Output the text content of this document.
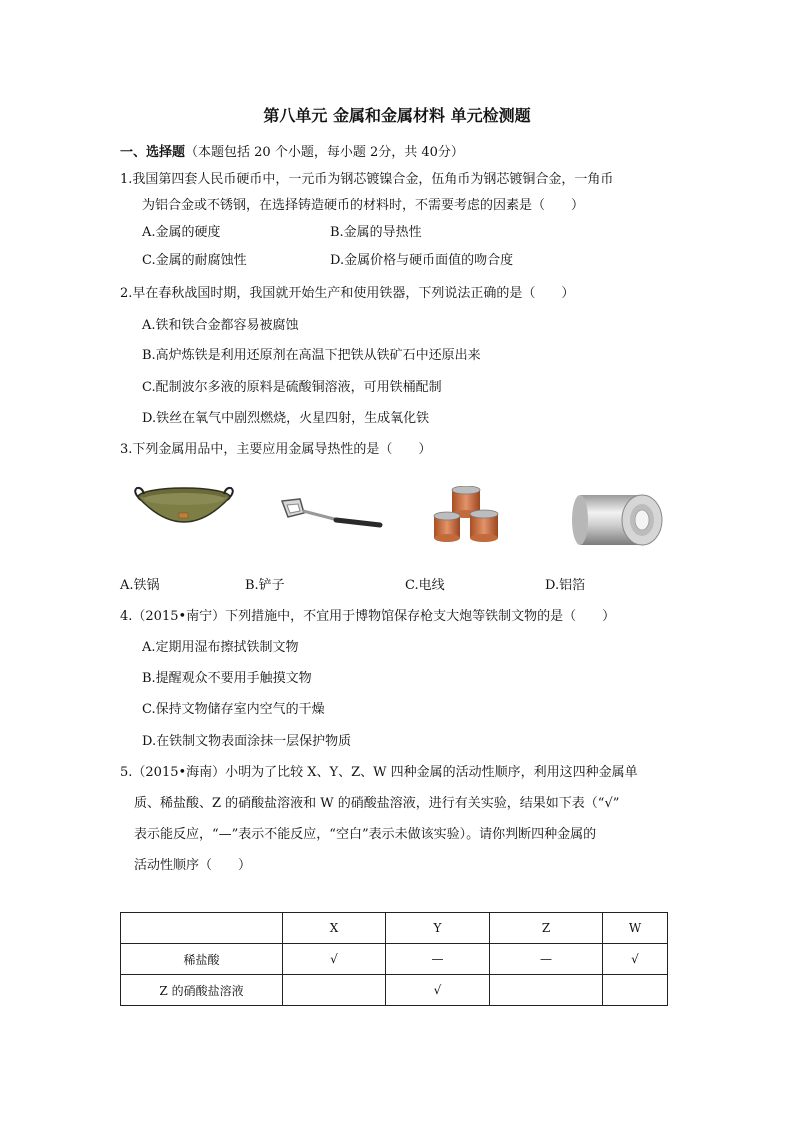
第八单元 金属和金属材料 单元检测题
一、选择题（本题包括 20 个小题，每小题 2分，共 40分）
1.我国第四套人民币硬币中，一元币为钢芯镀镍合金，伍角币为钢芯镀铜合金，一角币
为铝合金或不锈钢，在选择铸造硬币的材料时，不需要考虑的因素是（　　）
A.金属的硬度	B.金属的导热性
C.金属的耐腐蚀性	D.金属价格与硬币面值的吻合度
2.早在春秋战国时期，我国就开始生产和使用铁器，下列说法正确的是（　　）
A.铁和铁合金都容易被腐蚀
B.高炉炼铁是利用还原剂在高温下把铁从铁矿石中还原出来
C.配制波尔多液的原料是硫酸铜溶液，可用铁桶配制
D.铁丝在氧气中剧烈燃烧，火星四射，生成氧化铁
3.下列金属用品中，主要应用金属导热性的是（　　）
A.铁锅	B.铲子	C.电线	D.铝箔
4.（2015•南宁）下列措施中，不宜用于博物馆保存枪支大炮等铁制文物的是（　　）
A.定期用湿布擦拭铁制文物
B.提醒观众不要用手触摸文物
C.保持文物储存室内空气的干燥
D.在铁制文物表面涂抹一层保护物质
5.（2015•海南）小明为了比较 X、Y、Z、W 四种金属的活动性顺序，利用这四种金属单
质、稀盐酸、Z 的硝酸盐溶液和 W 的硝酸盐溶液，进行有关实验，结果如下表（“√”
表示能反应，“—”表示不能反应，“空白”表示未做该实验）。请你判断四种金属的
活动性顺序（　　）
	X	Y	Z	W
稀盐酸	√	—	—	√
Z 的硝酸盐溶液		√		
